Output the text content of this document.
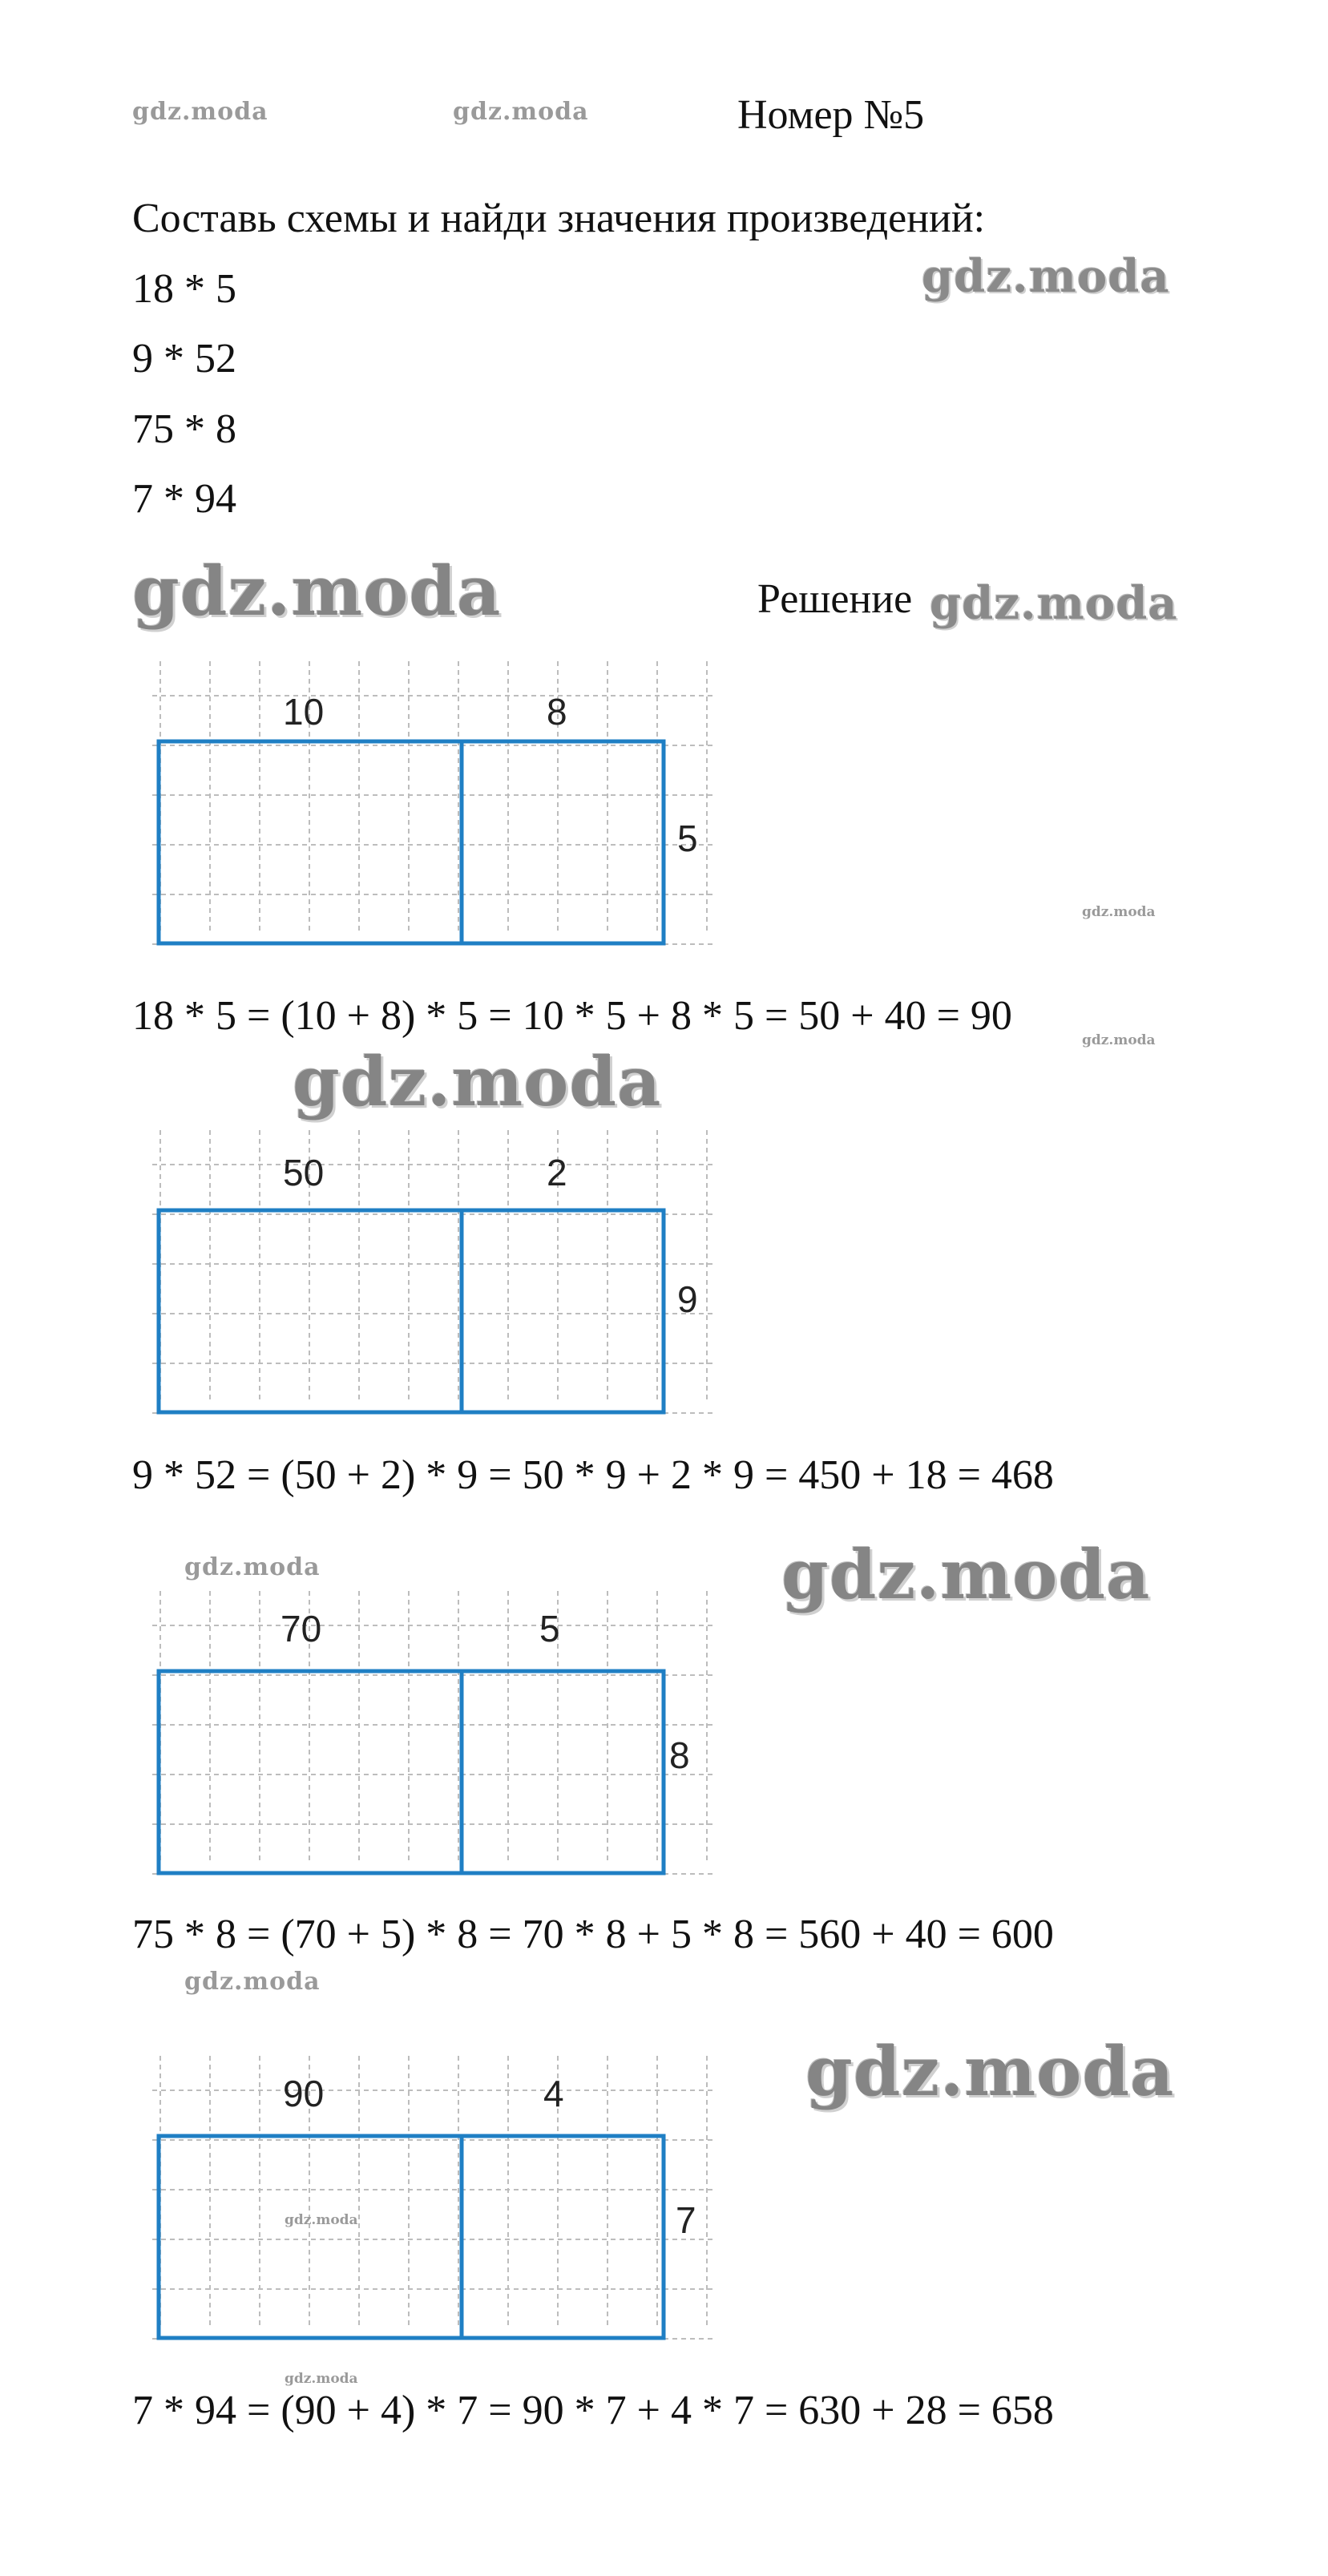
gdz.moda	gdz.moda	Номер №5
Составь схемы и найди значения произведений:
gdz.moda
18 * 5
9 * 52
75 * 8
7 * 94
gdz.moda	Решение gdz.moda
10	8
5
gdz.moda
18 * 5 = (10 + 8) * 5 = 10 * 5 + 8 * 5 = 50 + 40 = 90
gdz.moda
gdz.moda
50	2
9
9 * 52 = (50 + 2) * 9 = 50 * 9 + 2 * 9 = 450 + 18 = 468
gdz.moda	gdz.moda
70	5
8
75 * 8 = (70 + 5) * 8 = 70 * 8 + 5 * 8 = 560 + 40 = 600
gdz.moda
gdz.moda
90	4
7
gdz.moda
gdz.moda
7 * 94 = (90 + 4) * 7 = 90 * 7 + 4 * 7 = 630 + 28 = 658
